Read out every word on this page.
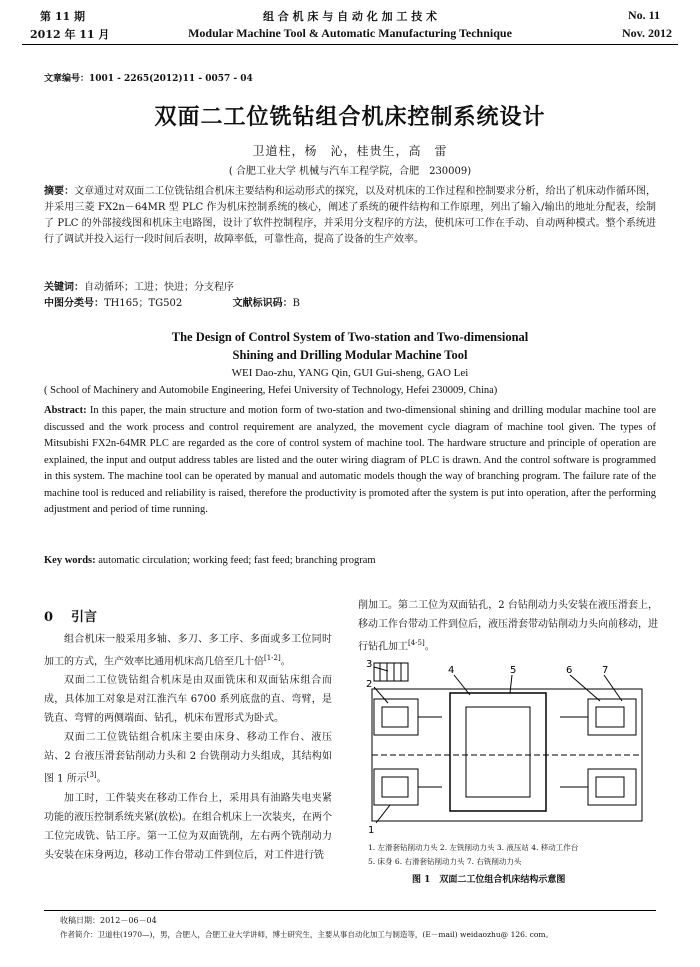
第 11 期
2012 年 11 月
组 合 机 床 与 自 动 化 加 工 技 术
Modular Machine Tool & Automatic Manufacturing Technique
No. 11
Nov. 2012
文章编号：1001 - 2265(2012)11 - 0057 - 04
双面二工位铣钻组合机床控制系统设计
卫道柱，杨　沁，桂贵生，高　雷
( 合肥工业大学 机械与汽车工程学院，合肥　230009)
摘要：文章通过对双面二工位铣钻组合机床主要结构和运动形式的探究，以及对机床的工作过程和控制要求分析，给出了机床动作循环图，并采用三菱 FX2n－64MR 型 PLC 作为机床控制系统的核心，阐述了系统的硬件结构和工作原理，列出了输入/输出的地址分配表，绘制了 PLC 的外部接线图和机床主电路图，设计了软件控制程序，并采用分支程序的方法，使机床可工作在手动、自动两种模式。整个系统进行了调试并投入运行一段时间后表明，故障率低，可靠性高，提高了设备的生产效率。
关键词：自动循环；工进；快进；分支程序
中图分类号：TH165；TG502	文献标识码：B
The Design of Control System of Two-station and Two-dimensional
Shining and Drilling Modular Machine Tool
WEI Dao-zhu, YANG Qin, GUI Gui-sheng, GAO Lei
( School of Machinery and Automobile Engineering, Hefei University of Technology, Hefei 230009, China)
Abstract: In this paper, the main structure and motion form of two-station and two-dimensional shining and drilling modular machine tool are discussed and the work process and control requirement are analyzed, the movement cycle diagram of machine tool given. The types of Mitsubishi FX2n-64MR PLC are regarded as the core of control system of machine tool. The hardware structure and principle of operation are explained, the input and output address tables are listed and the outer wiring diagram of PLC is drawn. And the control software is programmed in this system. The machine tool can be operated by manual and automatic models though the way of branching program. The failure rate of the machine tool is reduced and reliability is raised, therefore the productivity is promoted after the system is put into operation, after the performing adjustment and period of time running.
Key words: automatic circulation; working feed; fast feed; branching program
0 引言

组合机床一般采用多轴、多刀、多工序、多面或多工位同时加工的方式，生产效率比通用机床高几倍至几十倍[1-2]。

双面二工位铣钻组合机床是由双面铣床和双面钻床组合而成，具体加工对象是对江淮汽车 6700 系列底盘的直、弯臂，是铣直、弯臂的两侧端面、钻孔，机床布置形式为卧式。

双面二工位铣钻组合机床主要由床身、移动工作台、液压站、2 台液压滑套钻削动力头和 2 台铣削动力头组成，其结构如图 1 所示[3]。

加工时，工件装夹在移动工作台上，采用具有油路失电夹紧功能的液压控制系统夹紧(放松)。在组合机床上一次装夹，在两个工位完成铣、钻工序。第一工位为双面铣削，左右两个铣削动力头安装在床身两边，移动工作台带动工件到位后，对工件进行铣

削加工。第二工位为双面钻孔，2 台钻削动力头安装在液压滑套上，移动工作台带动工件到位后，液压滑套带动钻削动力头向前移动，进行钻孔加工[4-5]。

3
2
4	5	6	7
1
1. 左滑套钻削动力头 2. 左铣削动力头 3. 液压站 4. 移动工作台
5. 床身 6. 右滑套钻削动力头 7. 右铣削动力头
图 1　双面二工位组合机床结构示意图
收稿日期：2012－06－04
作者简介：卫道柱(1970—)，男，合肥人，合肥工业大学讲师，博士研究生，主要从事自动化加工与制造等，(E－mail) weidaozhu@ 126. com。
